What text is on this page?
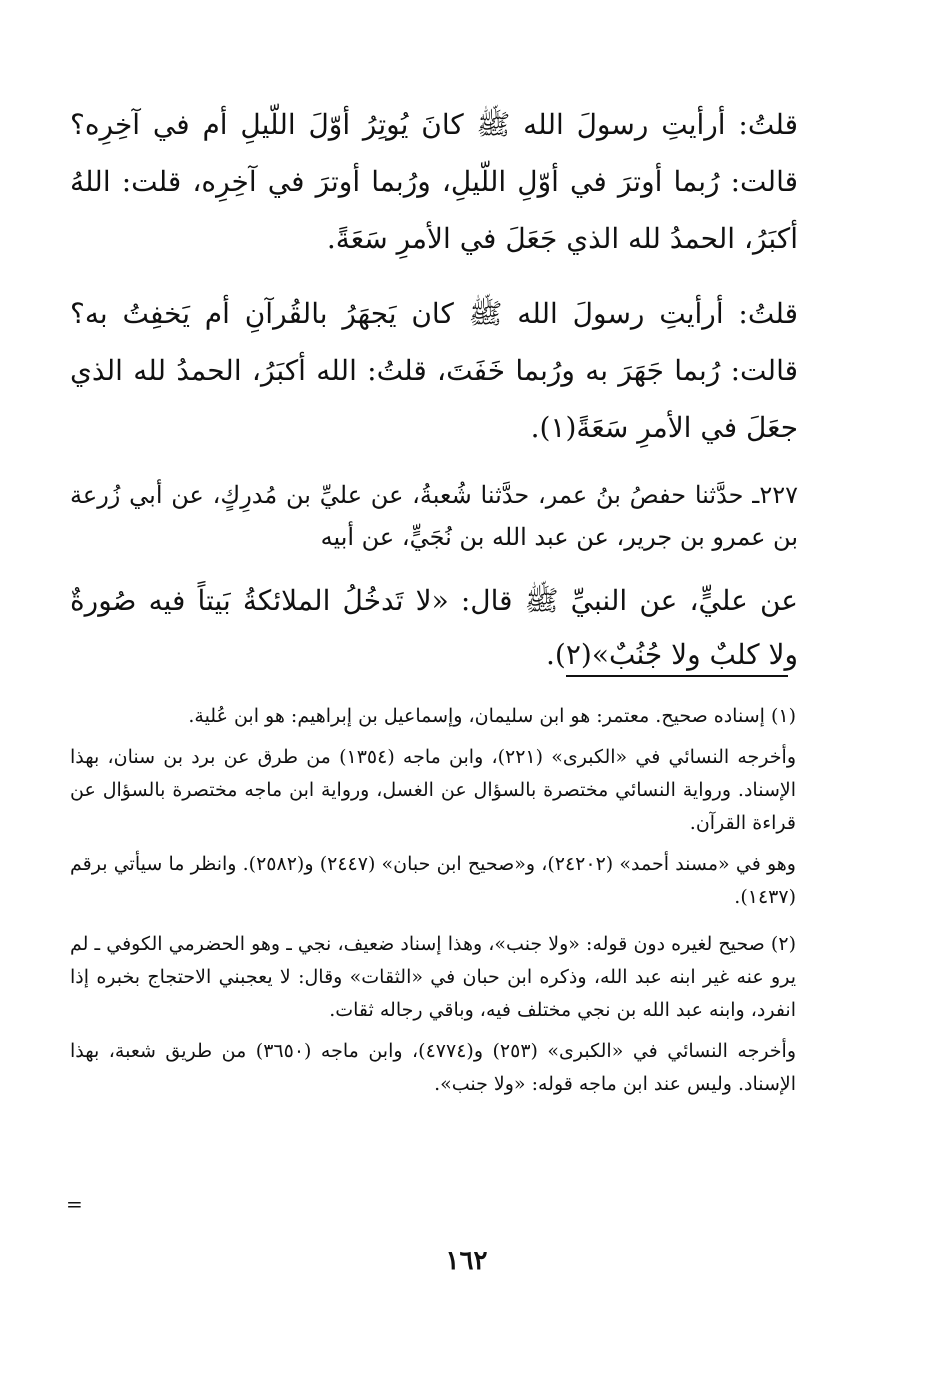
قلتُ: أرأيتِ رسولَ الله ﷺ كانَ يُوتِرُ أوّلَ اللّيلِ أم في آخِرِه؟ قالت: رُبما أوترَ في أوّلِ اللّيلِ، ورُبما أوترَ في آخِرِه، قلت: اللهُ أكبَرُ، الحمدُ لله الذي جَعَلَ في الأمرِ سَعَةً.

قلتُ: أرأيتِ رسولَ الله ﷺ كان يَجهَرُ بالقُرآنِ أم يَخفِتُ به؟ قالت: رُبما جَهَرَ به ورُبما خَفَتَ، قلتُ: الله أكبَرُ، الحمدُ لله الذي جعَلَ في الأمرِ سَعَةً(١).

٢٢٧ـ حدَّثنا حفصُ بنُ عمر، حدَّثنا شُعبةُ، عن عليِّ بن مُدرِكٍ، عن أبي زُرعة بن عمرو بن جرير، عن عبد الله بن نُجَيٍّ، عن أبيه

عن عليٍّ، عن النبيِّ ﷺ قال: «لا تَدخُلُ الملائكةُ بَيتاً فيه صُورةٌ ولا كلبٌ ولا جُنُبٌ»(٢).

(١) إسناده صحيح. معتمر: هو ابن سليمان، وإسماعيل بن إبراهيم: هو ابن عُلية.

وأخرجه النسائي في «الكبرى» (٢٢١)، وابن ماجه (١٣٥٤) من طرق عن برد بن سنان، بهذا الإسناد. ورواية النسائي مختصرة بالسؤال عن الغسل، ورواية ابن ماجه مختصرة بالسؤال عن قراءة القرآن.

وهو في «مسند أحمد» (٢٤٢٠٢)، و«صحيح ابن حبان» (٢٤٤٧) و(٢٥٨٢). وانظر ما سيأتي برقم (١٤٣٧).

(٢) صحيح لغيره دون قوله: «ولا جنب»، وهذا إسناد ضعيف، نجي ـ وهو الحضرمي الكوفي ـ لم يرو عنه غير ابنه عبد الله، وذكره ابن حبان في «الثقات» وقال: لا يعجبني الاحتجاج بخبره إذا انفرد، وابنه عبد الله بن نجي مختلف فيه، وباقي رجاله ثقات.

وأخرجه النسائي في «الكبرى» (٢٥٣) و(٤٧٧٤)، وابن ماجه (٣٦٥٠) من طريق شعبة، بهذا الإسناد. وليس عند ابن ماجه قوله: «ولا جنب».

=
١٦٢
